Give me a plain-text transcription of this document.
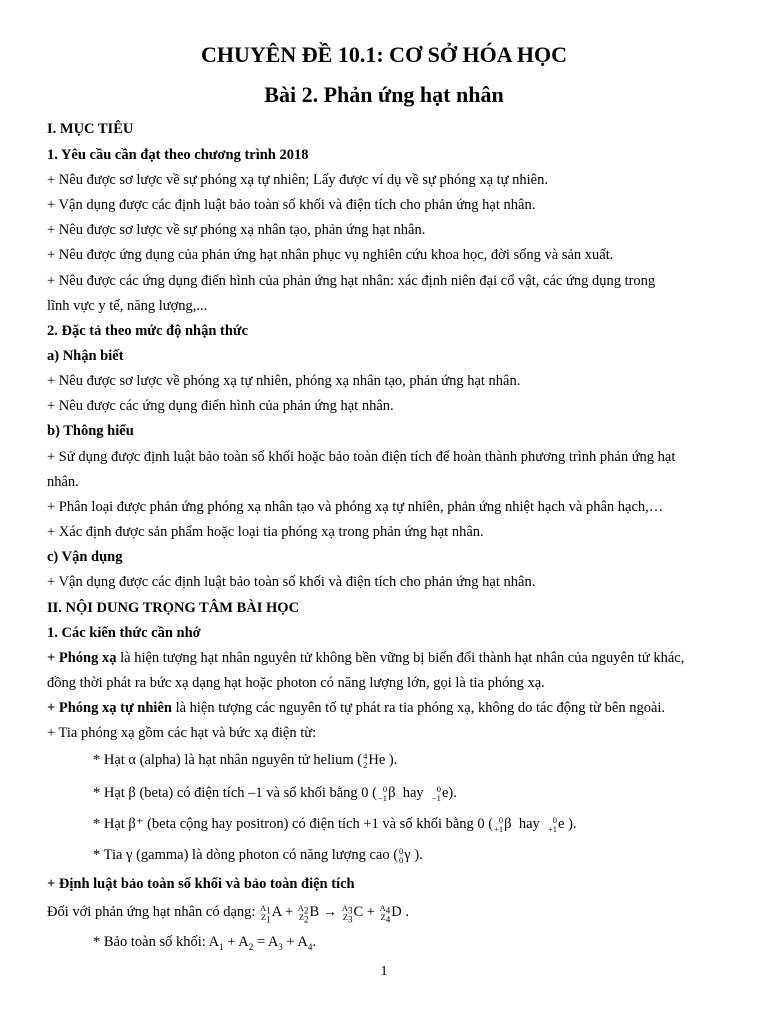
CHUYÊN ĐỀ 10.1: CƠ SỞ HÓA HỌC
Bài 2. Phản ứng hạt nhân
I. MỤC TIÊU
1. Yêu cầu cần đạt theo chương trình 2018
+ Nêu được sơ lược về sự phóng xạ tự nhiên; Lấy được ví dụ về sự phóng xạ tự nhiên.
+ Vận dụng được các định luật bảo toàn số khối và điện tích cho phản ứng hạt nhân.
+ Nêu được sơ lược về sự phóng xạ nhân tạo, phản ứng hạt nhân.
+ Nêu được ứng dụng của phản ứng hạt nhân phục vụ nghiên cứu khoa học, đời sống và sản xuất.
+ Nêu được các ứng dụng điển hình của phản ứng hạt nhân: xác định niên đại cổ vật, các ứng dụng trong
lĩnh vực y tế, năng lượng,...
2. Đặc tả theo mức độ nhận thức
a) Nhận biết
+ Nêu được sơ lược về phóng xạ tự nhiên, phóng xạ nhân tạo, phản ứng hạt nhân.
+ Nêu được các ứng dụng điển hình của phản ứng hạt nhân.
b) Thông hiểu
+ Sử dụng được định luật bảo toàn số khối hoặc bảo toàn điện tích để hoàn thành phương trình phản ứng hạt
nhân.
+ Phân loại được phản ứng phóng xạ nhân tạo và phóng xạ tự nhiên, phản ứng nhiệt hạch và phân hạch,…
+ Xác định được sản phẩm hoặc loại tia phóng xạ trong phản ứng hạt nhân.
c) Vận dụng
+ Vận dụng được các định luật bảo toàn số khối và điện tích cho phản ứng hạt nhân.
II. NỘI DUNG TRỌNG TÂM BÀI HỌC
1. Các kiến thức cần nhớ
+ Phóng xạ là hiện tượng hạt nhân nguyên tử không bền vững bị biến đổi thành hạt nhân của nguyên tử khác,
đồng thời phát ra bức xạ dạng hạt hoặc photon có năng lượng lớn, gọi là tia phóng xạ.
+ Phóng xạ tự nhiên là hiện tượng các nguyên tố tự phát ra tia phóng xạ, không do tác động từ bên ngoài.
+ Tia phóng xạ gồm các hạt và bức xạ điện từ:
* Hạt α (alpha) là hạt nhân nguyên tử helium ( 4
2 He ).
* Hạt β (beta) có điện tích –1 và số khối bằng 0 ( 0
−1 β  hay	0
−1 e).
* Hạt β⁺ (beta cộng hay positron) có điện tích +1 và số khối bằng 0 ( 0
+1 β  hay	0
+1 e ).
* Tia γ (gamma) là dòng photon có năng lượng cao ( 0
0 γ ).
+ Định luật bảo toàn số khối và bảo toàn điện tích
Đối với phản ứng hạt nhân có dạng: $A_1$
$Z_1$ $A + A_2$
$Z_2$ $B \to A_3$
$Z_3$ $C + A_4$
$Z_4$ D .
* Bảo toàn số khối: $A_1 + A_2 = A_3 + A_4$.
1
